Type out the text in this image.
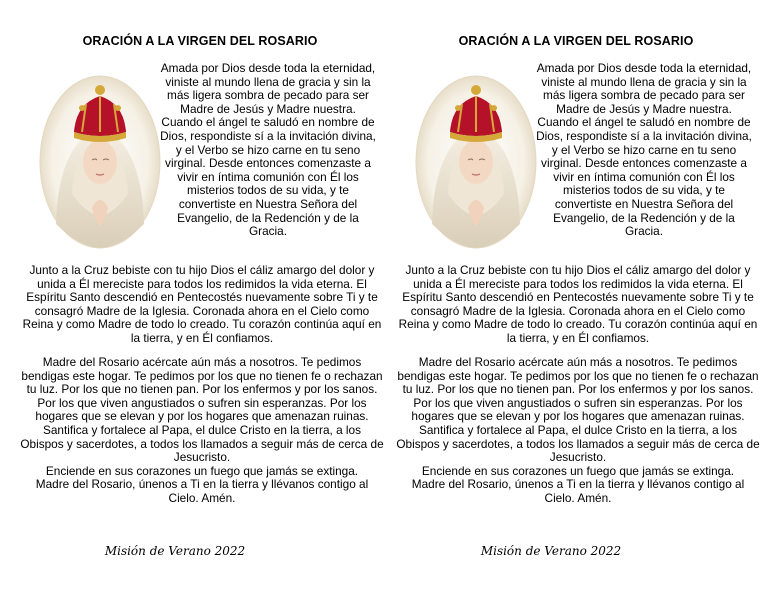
ORACIÓN A LA VIRGEN DEL ROSARIO
Amada por Dios desde toda la eternidad, viniste al mundo llena de gracia y sin la más ligera sombra de pecado para ser Madre de Jesús y Madre nuestra. Cuando el ángel te saludó en nombre de Dios, respondiste sí a la invitación divina, y el Verbo se hizo carne en tu seno virginal. Desde entonces comenzaste a vivir en íntima comunión con Él los misterios todos de su vida, y te convertiste en Nuestra Señora del Evangelio, de la Redención y de la Gracia.
Junto a la Cruz bebiste con tu hijo Dios el cáliz amargo del dolor y unida a Él mereciste para todos los redimidos la vida eterna. El Espíritu Santo descendió en Pentecostés nuevamente sobre Ti y te consagró Madre de la Iglesia. Coronada ahora en el Cielo como Reina y como Madre de todo lo creado. Tu corazón continúa aquí en la tierra, y en Él confiamos.
Madre del Rosario acércate aún más a nosotros. Te pedimos bendigas este hogar. Te pedimos por los que no tienen fe o rechazan tu luz. Por los que no tienen pan. Por los enfermos y por los sanos. Por los que viven angustiados o sufren sin esperanzas. Por los hogares que se elevan y por los hogares que amenazan ruinas.
Santifica y fortalece al Papa, el dulce Cristo en la tierra, a los Obispos y sacerdotes, a todos los llamados a seguir más de cerca de Jesucristo.
Enciende en sus corazones un fuego que jamás se extinga.
Madre del Rosario, únenos a Ti en la tierra y llévanos contigo al Cielo. Amén.
Misión de Verano 2022
ORACIÓN A LA VIRGEN DEL ROSARIO
Amada por Dios desde toda la eternidad, viniste al mundo llena de gracia y sin la más ligera sombra de pecado para ser Madre de Jesús y Madre nuestra. Cuando el ángel te saludó en nombre de Dios, respondiste sí a la invitación divina, y el Verbo se hizo carne en tu seno virginal. Desde entonces comenzaste a vivir en íntima comunión con Él los misterios todos de su vida, y te convertiste en Nuestra Señora del Evangelio, de la Redención y de la Gracia.
Junto a la Cruz bebiste con tu hijo Dios el cáliz amargo del dolor y unida a Él mereciste para todos los redimidos la vida eterna. El Espíritu Santo descendió en Pentecostés nuevamente sobre Ti y te consagró Madre de la Iglesia. Coronada ahora en el Cielo como Reina y como Madre de todo lo creado. Tu corazón continúa aquí en la tierra, y en Él confiamos.
Madre del Rosario acércate aún más a nosotros. Te pedimos bendigas este hogar. Te pedimos por los que no tienen fe o rechazan tu luz. Por los que no tienen pan. Por los enfermos y por los sanos. Por los que viven angustiados o sufren sin esperanzas. Por los hogares que se elevan y por los hogares que amenazan ruinas.
Santifica y fortalece al Papa, el dulce Cristo en la tierra, a los Obispos y sacerdotes, a todos los llamados a seguir más de cerca de Jesucristo.
Enciende en sus corazones un fuego que jamás se extinga.
Madre del Rosario, únenos a Ti en la tierra y llévanos contigo al Cielo. Amén.
Misión de Verano 2022
